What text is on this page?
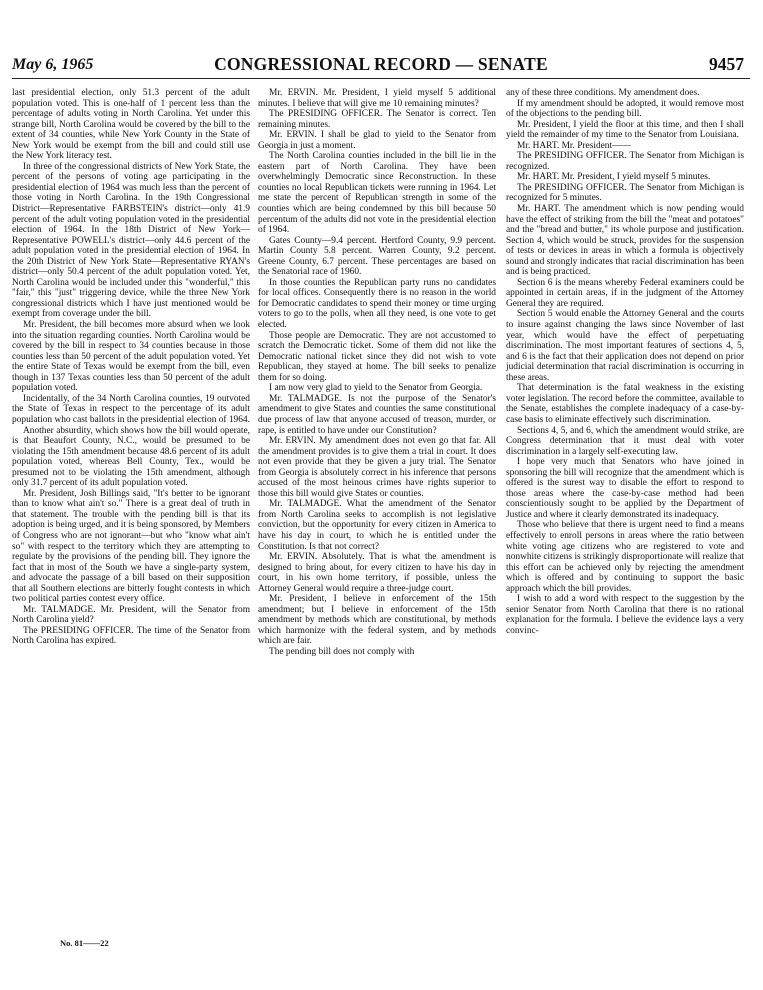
May 6, 1965	CONGRESSIONAL RECORD — SENATE	9457

last presidential election, only 51.3 percent of the adult population voted. This is one-half of 1 percent less than the percentage of adults voting in North Carolina. Yet under this strange bill, North Carolina would be covered by the bill to the extent of 34 counties, while New York County in the State of New York would be exempt from the bill and could still use the New York literacy test.

In three of the congressional districts of New York State, the percent of the persons of voting age participating in the presidential election of 1964 was much less than the percent of those voting in North Carolina. In the 19th Congressional District—Representative FARBSTEIN's district—only 41.9 percent of the adult voting population voted in the presidential election of 1964. In the 18th District of New York—Representative POWELL's district—only 44.6 percent of the adult population voted in the presidential election of 1964. In the 20th District of New York State—Representative RYAN's district—only 50.4 percent of the adult population voted. Yet, North Carolina would be included under this "wonderful," this "fair," this "just" triggering device, while the three New York congressional districts which I have just mentioned would be exempt from coverage under the bill.

Mr. President, the bill becomes more absurd when we look into the situation regarding counties. North Carolina would be covered by the bill in respect to 34 counties because in those counties less than 50 percent of the adult population voted. Yet the entire State of Texas would be exempt from the bill, even though in 137 Texas counties less than 50 percent of the adult population voted.

Incidentally, of the 34 North Carolina counties, 19 outvoted the State of Texas in respect to the percentage of its adult population who cast ballots in the presidential election of 1964.

Another absurdity, which shows how the bill would operate, is that Beaufort County, N.C., would be presumed to be violating the 15th amendment because 48.6 percent of its adult population voted, whereas Bell County, Tex., would be presumed not to be violating the 15th amendment, although only 31.7 percent of its adult population voted.

Mr. President, Josh Billings said, "It's better to be ignorant than to know what ain't so." There is a great deal of truth in that statement. The trouble with the pending bill is that its adoption is being urged, and it is being sponsored, by Members of Congress who are not ignorant—but who "know what ain't so" with respect to the territory which they are attempting to regulate by the provisions of the pending bill. They ignore the fact that in most of the South we have a single-party system, and advocate the passage of a bill based on their supposition that all Southern elections are bitterly fought contests in which two political parties contest every office.

Mr. TALMADGE. Mr. President, will the Senator from North Carolina yield?

The PRESIDING OFFICER. The time of the Senator from North Carolina has expired.

Mr. ERVIN. Mr. President, I yield myself 5 additional minutes. I believe that will give me 10 remaining minutes?

The PRESIDING OFFICER. The Senator is correct. Ten remaining minutes.

Mr. ERVIN. I shall be glad to yield to the Senator from Georgia in just a moment.

The North Carolina counties included in the bill lie in the eastern part of North Carolina. They have been overwhelmingly Democratic since Reconstruction. In these counties no local Republican tickets were running in 1964. Let me state the percent of Republican strength in some of the counties which are being condemned by this bill because 50 percentum of the adults did not vote in the presidential election of 1964.

Gates County—9.4 percent. Hertford County, 9.9 percent. Martin County 5.8 percent. Warren County, 9.2 percent. Greene County, 6.7 percent. These percentages are based on the Senatorial race of 1960.

In those counties the Republican party runs no candidates for local offices. Consequently there is no reason in the world for Democratic candidates to spend their money or time urging voters to go to the polls, when all they need, is one vote to get elected.

Those people are Democratic. They are not accustomed to scratch the Democratic ticket. Some of them did not like the Democratic national ticket since they did not wish to vote Republican, they stayed at home. The bill seeks to penalize them for so doing.

I am now very glad to yield to the Senator from Georgia.

Mr. TALMADGE. Is not the purpose of the Senator's amendment to give States and counties the same constitutional due process of law that anyone accused of treason, murder, or rape, is entitled to have under our Constitution?

Mr. ERVIN. My amendment does not even go that far. All the amendment provides is to give them a trial in court. It does not even provide that they be given a jury trial. The Senator from Georgia is absolutely correct in his inference that persons accused of the most heinous crimes have rights superior to those this bill would give States or counties.

Mr. TALMADGE. What the amendment of the Senator from North Carolina seeks to accomplish is not legislative conviction, but the opportunity for every citizen in America to have his day in court, to which he is entitled under the Constitution. Is that not correct?

Mr. ERVIN. Absolutely. That is what the amendment is designed to bring about, for every citizen to have his day in court, in his own home territory, if possible, unless the Attorney General would require a three-judge court.

Mr. President, I believe in enforcement of the 15th amendment; but I believe in enforcement of the 15th amendment by methods which are constitutional, by methods which harmonize with the federal system, and by methods which are fair.

The pending bill does not comply with

any of these three conditions. My amendment does.

If my amendment should be adopted, it would remove most of the objections to the pending bill.

Mr. President, I yield the floor at this time, and then I shall yield the remainder of my time to the Senator from Louisiana.

Mr. HART. Mr. President——

The PRESIDING OFFICER. The Senator from Michigan is recognized.

Mr. HART. Mr. President, I yield myself 5 minutes.

The PRESIDING OFFICER. The Senator from Michigan is recognized for 5 minutes.

Mr. HART. The amendment which is now pending would have the effect of striking from the bill the "meat and potatoes" and the "bread and butter," its whole purpose and justification. Section 4, which would be struck, provides for the suspension of tests or devices in areas in which a formula is objectively sound and strongly indicates that racial discrimination has been and is being practiced.

Section 6 is the means whereby Federal examiners could be appointed in certain areas, if in the judgment of the Attorney General they are required.

Section 5 would enable the Attorney General and the courts to insure against changing the laws since November of last year, which would have the effect of perpetuating discrimination. The most important features of sections 4, 5, and 6 is the fact that their application does not depend on prior judicial determination that racial discrimination is occurring in these areas.

That determination is the fatal weakness in the existing voter legislation. The record before the committee, available to the Senate, establishes the complete inadequacy of a case-by-case basis to eliminate effectively such discrimination.

Sections 4, 5, and 6, which the amendment would strike, are Congress determination that it must deal with voter discrimination in a largely self-executing law.

I hope very much that Senators who have joined in sponsoring the bill will recognize that the amendment which is offered is the surest way to disable the effort to respond to those areas where the case-by-case method had been conscientiously sought to be applied by the Department of Justice and where it clearly demonstrated its inadequacy.

Those who believe that there is urgent need to find a means effectively to enroll persons in areas where the ratio between white voting age citizens who are registered to vote and nonwhite citizens is strikingly disproportionate will realize that this effort can be achieved only by rejecting the amendment which is offered and by continuing to support the basic approach which the bill provides.

I wish to add a word with respect to the suggestion by the senior Senator from North Carolina that there is no rational explanation for the formula. I believe the evidence lays a very convinc-

No. 81——22
